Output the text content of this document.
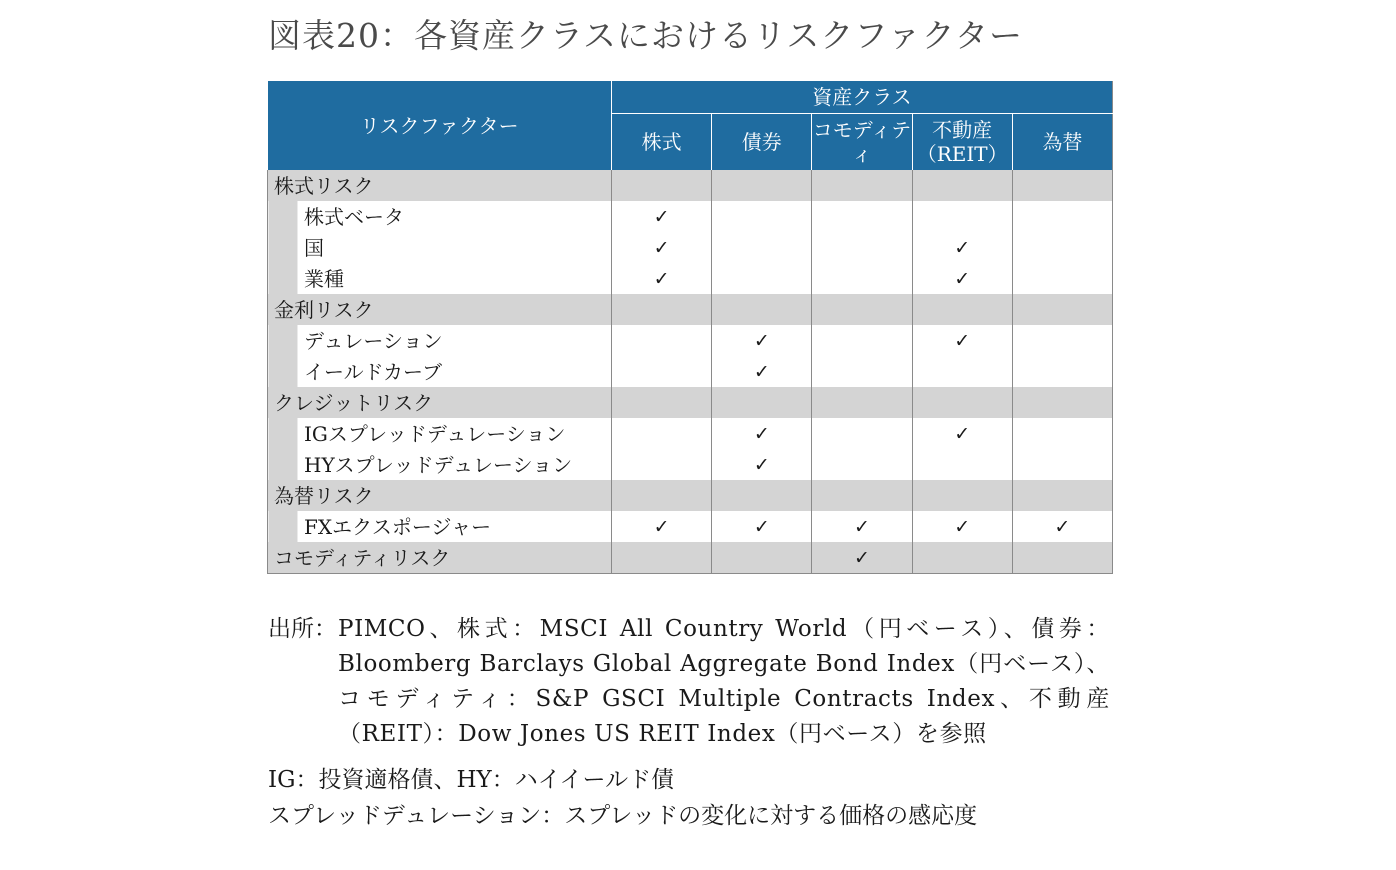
図表20：各資産クラスにおけるリスクファクター
リスクファクター	資産クラス				
	株式	債券	コモディティ	不動産（REIT）	為替
株式リスク					
株式ベータ	✓				
国	✓			✓	
業種	✓			✓	
金利リスク					
デュレーション		✓		✓	
イールドカーブ		✓			
クレジットリスク					
IGスプレッドデュレーション		✓		✓	
HYスプレッドデュレーション		✓			
為替リスク					
FXエクスポージャー	✓	✓	✓	✓	✓
コモディティリスク			✓		
出所： PIMCO、株式：MSCI All Country World（円ベース）、債券：Bloomberg Barclays Global Aggregate Bond Index（円ベース）、コモディティ：S&P GSCI Multiple Contracts Index、不動産（REIT）：Dow Jones US REIT Index（円ベース）を参照
IG：投資適格債、HY：ハイイールド債
スプレッドデュレーション：スプレッドの変化に対する価格の感応度
